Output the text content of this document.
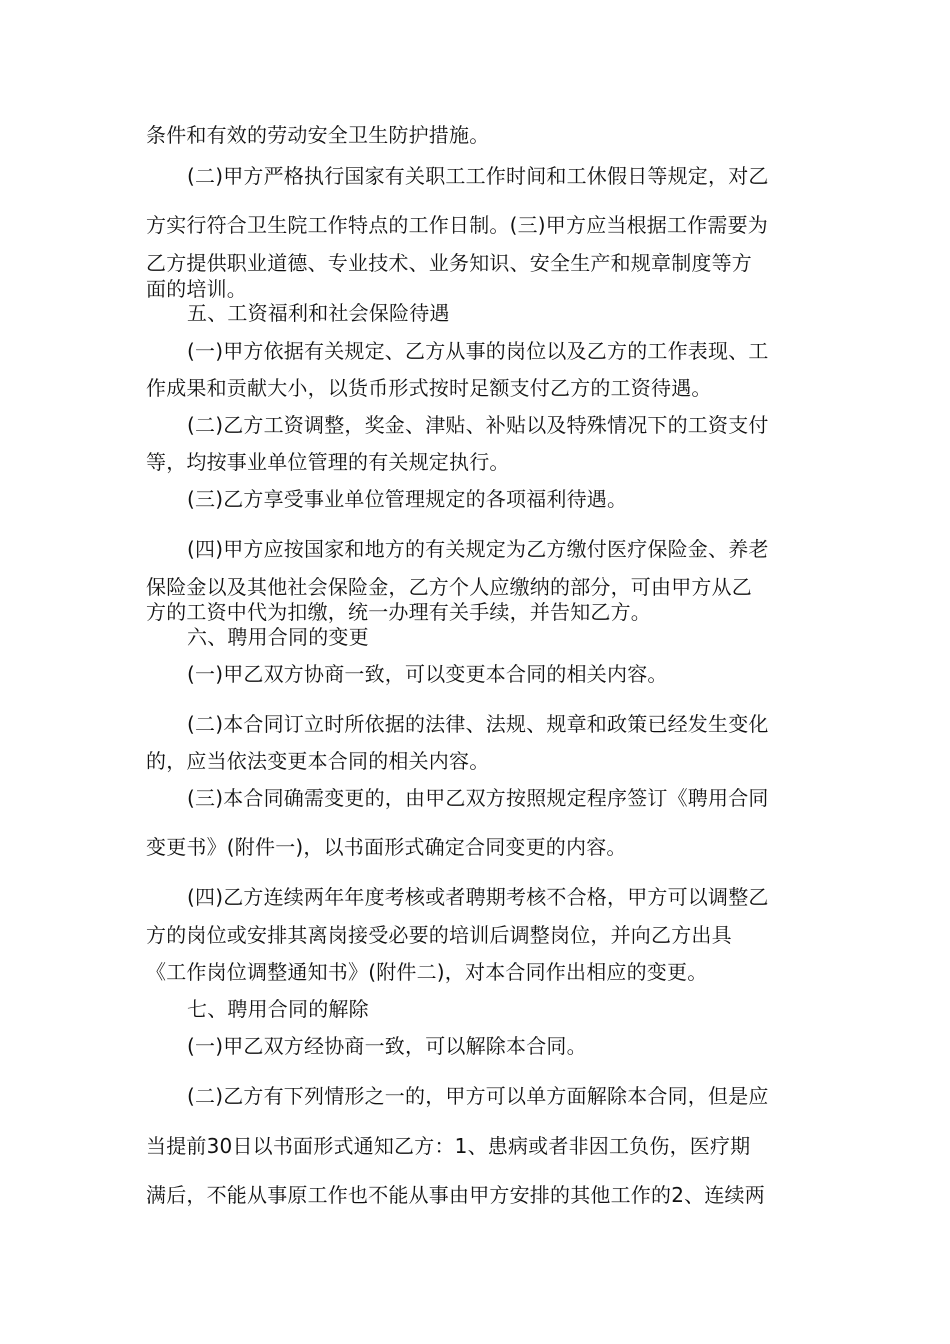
条件和有效的劳动安全卫生防护措施。
(二)甲方严格执行国家有关职工工作时间和工休假日等规定，对乙
方实行符合卫生院工作特点的工作日制。(三)甲方应当根据工作需要为
乙方提供职业道德、专业技术、业务知识、安全生产和规章制度等方
面的培训。
五、工资福利和社会保险待遇
(一)甲方依据有关规定、乙方从事的岗位以及乙方的工作表现、工
作成果和贡献大小，以货币形式按时足额支付乙方的工资待遇。
(二)乙方工资调整，奖金、津贴、补贴以及特殊情况下的工资支付
等，均按事业单位管理的有关规定执行。
(三)乙方享受事业单位管理规定的各项福利待遇。
(四)甲方应按国家和地方的有关规定为乙方缴付医疗保险金、养老
保险金以及其他社会保险金，乙方个人应缴纳的部分，可由甲方从乙
方的工资中代为扣缴，统一办理有关手续，并告知乙方。
六、聘用合同的变更
(一)甲乙双方协商一致，可以变更本合同的相关内容。
(二)本合同订立时所依据的法律、法规、规章和政策已经发生变化
的，应当依法变更本合同的相关内容。
(三)本合同确需变更的，由甲乙双方按照规定程序签订《聘用合同
变更书》(附件一)，以书面形式确定合同变更的内容。
(四)乙方连续两年年度考核或者聘期考核不合格，甲方可以调整乙
方的岗位或安排其离岗接受必要的培训后调整岗位，并向乙方出具
《工作岗位调整通知书》(附件二)，对本合同作出相应的变更。
七、聘用合同的解除
(一)甲乙双方经协商一致，可以解除本合同。
(二)乙方有下列情形之一的，甲方可以单方面解除本合同，但是应
当提前30日以书面形式通知乙方：1、患病或者非因工负伤，医疗期
满后，不能从事原工作也不能从事由甲方安排的其他工作的2、连续两
